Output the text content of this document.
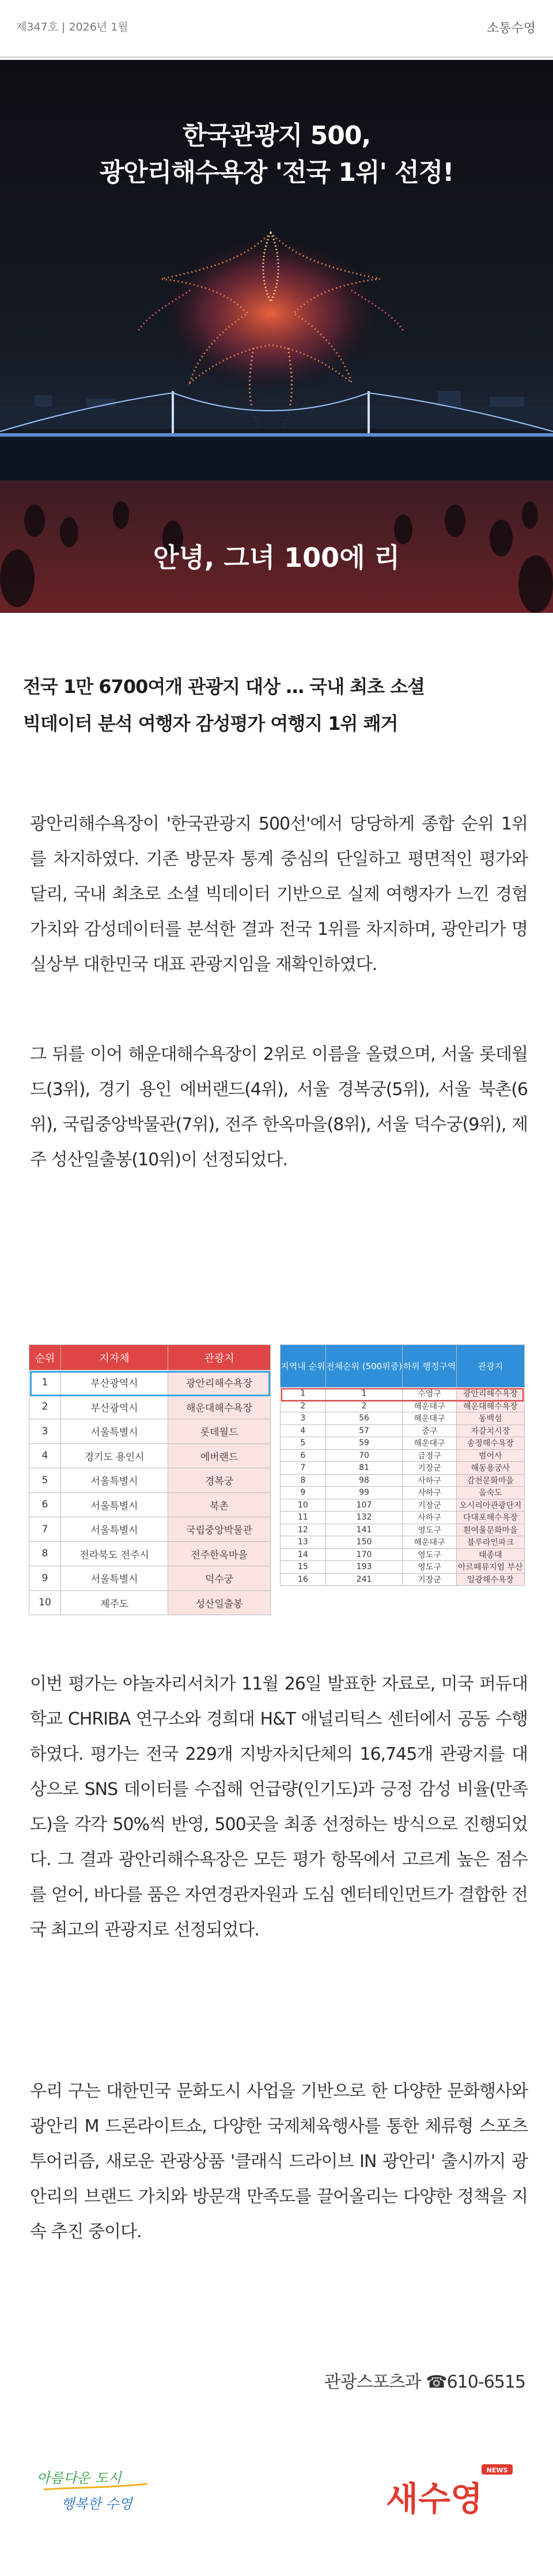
제347호 | 2026년 1월	소통수영
안녕, 그녀 100에 리
한국관광지 500,
광안리해수욕장 '전국 1위' 선정!
전국 1만 6700여개 관광지 대상 … 국내 최초 소셜
빅데이터 분석 여행자 감성평가 여행지 1위 쾌거

광안리해수욕장이 '한국관광지 500선'에서 당당하게 종합 순위 1위를 차지하였다. 기존 방문자 통계 중심의 단일하고 평면적인 평가와 달리, 국내 최초로 소셜 빅데이터 기반으로 실제 여행자가 느낀 경험 가치와 감성데이터를 분석한 결과 전국 1위를 차지하며, 광안리가 명실상부 대한민국 대표 관광지임을 재확인하였다.

그 뒤를 이어 해운대해수욕장이 2위로 이름을 올렸으며, 서울 롯데월드(3위), 경기 용인 에버랜드(4위), 서울 경복궁(5위), 서울 북촌(6위), 국립중앙박물관(7위), 전주 한옥마을(8위), 서울 덕수궁(9위), 제주 성산일출봉(10위)이 선정되었다.

순위	지자체	관광지
1	부산광역시	광안리해수욕장
2	부산광역시	해운대해수욕장
3	서울특별시	롯데월드
4	경기도 용인시	에버랜드
5	서울특별시	경복궁
6	서울특별시	북촌
7	서울특별시	국립중앙박물관
8	전라북도 전주시	전주한옥마을
9	서울특별시	덕수궁
10	제주도	성산일출봉
지역내 순위	전체순위 (500위중)	하위 행정구역	관광지
1	1	수영구	광안리해수욕장
2	2	해운대구	해운대해수욕장
3	56	해운대구	동백섬
4	57	중구	자갈치시장
5	59	해운대구	송정해수욕장
6	70	금정구	범어사
7	81	기장군	해동용궁사
8	98	사하구	감천문화마을
9	99	사하구	을숙도
10	107	기장군	오시리아관광단지
11	132	사하구	다대포해수욕장
12	141	영도구	흰여울문화마을
13	150	해운대구	블루라인파크
14	170	영도구	태종대
15	193	영도구	아르떼뮤지엄 부산
16	241	기장군	일광해수욕장

이번 평가는 야놀자리서치가 11월 26일 발표한 자료로, 미국 퍼듀대학교 CHRIBA 연구소와 경희대 H&T 애널리틱스 센터에서 공동 수행하였다. 평가는 전국 229개 지방자치단체의 16,745개 관광지를 대상으로 SNS 데이터를 수집해 언급량(인기도)과 긍정 감성 비율(만족도)을 각각 50%씩 반영, 500곳을 최종 선정하는 방식으로 진행되었다. 그 결과 광안리해수욕장은 모든 평가 항목에서 고르게 높은 점수를 얻어, 바다를 품은 자연경관자원과 도심 엔터테인먼트가 결합한 전국 최고의 관광지로 선정되었다.

우리 구는 대한민국 문화도시 사업을 기반으로 한 다양한 문화행사와 광안리 M 드론라이트쇼, 다양한 국제체육행사를 통한 체류형 스포츠 투어리즘, 새로운 관광상품 '클래식 드라이브 IN 광안리' 출시까지 광안리의 브랜드 가치와 방문객 만족도를 끌어올리는 다양한 정책을 지속 추진 중이다.

관광스포츠과 ☎610-6515
아름다운 도시
행복한 수영
NEWS
새수영
